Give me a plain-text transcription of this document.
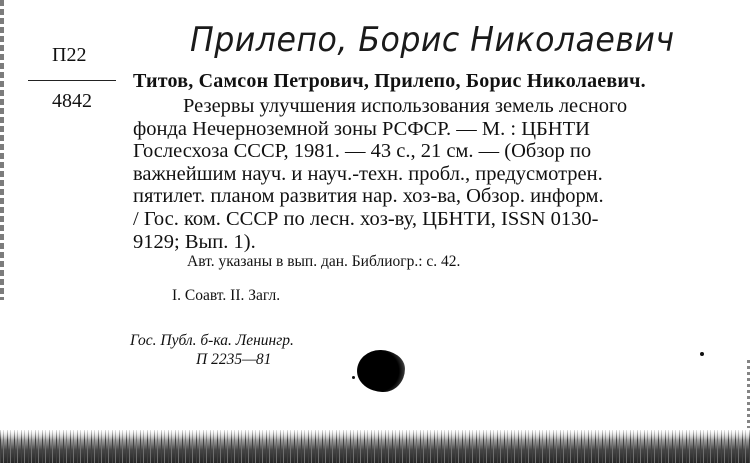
П22
4842
Прилепо, Борис Николаевич
Титов, Самсон Петрович, Прилепо, Борис Николаевич.
Резервы улучшения использования земель лесного
фонда Нечерноземной зоны РСФСР. — М. : ЦБНТИ
Гослесхоза СССР, 1981. — 43 с., 21 см. — (Обзор по
важнейшим науч. и науч.-техн. пробл., предусмотрен.
пятилет. планом развития нар. хоз-ва, Обзор. информ.
/ Гос. ком. СССР по лесн. хоз-ву, ЦБНТИ, ISSN 0130-
9129; Вып. 1).
Авт. указаны в вып. дан. Библиогр.: с. 42.
I. Соавт. II. Загл.
Гос. Публ. б-ка. Ленингр.
П 2235—81
